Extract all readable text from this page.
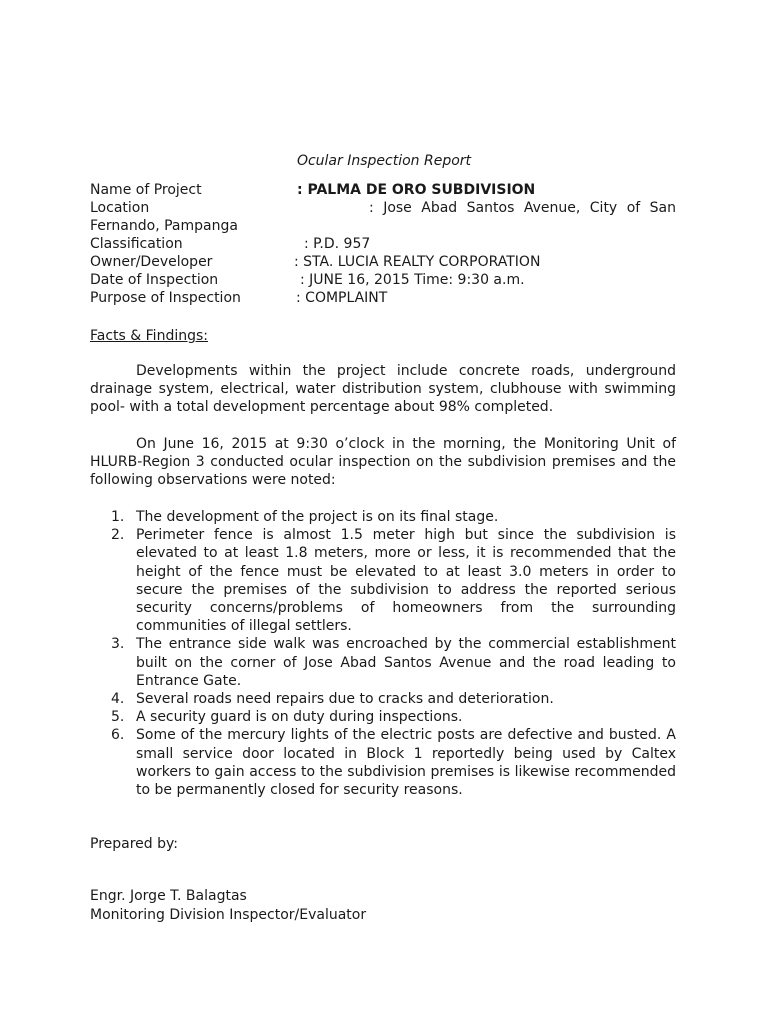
Ocular Inspection Report
Name of Project	: PALMA DE ORO SUBDIVISION
Location	: Jose Abad Santos Avenue, City of San
Fernando, Pampanga
Classification	: P.D. 957
Owner/Developer	: STA. LUCIA REALTY CORPORATION
Date of Inspection	: JUNE 16, 2015 Time: 9:30 a.m.
Purpose of Inspection	: COMPLAINT
Facts & Findings:

Developments within the project include concrete roads, underground drainage system, electrical, water distribution system, clubhouse with swimming pool- with a total development percentage about 98% completed.

On June 16, 2015 at 9:30 o’clock in the morning, the Monitoring Unit of HLURB-Region 3 conducted ocular inspection on the subdivision premises and the following observations were noted:

1. The development of the project is on its final stage.
2. Perimeter fence is almost 1.5 meter high but since the subdivision is elevated to at least 1.8 meters, more or less, it is recommended that the height of the fence must be elevated to at least 3.0 meters in order to secure the premises of the subdivision to address the reported serious security concerns/problems of homeowners from the surrounding communities of illegal settlers.
3. The entrance side walk was encroached by the commercial establishment built on the corner of Jose Abad Santos Avenue and the road leading to Entrance Gate.
4. Several roads need repairs due to cracks and deterioration.
5. A security guard is on duty during inspections.
6. Some of the mercury lights of the electric posts are defective and busted. A small service door located in Block 1 reportedly being used by Caltex workers to gain access to the subdivision premises is likewise recommended to be permanently closed for security reasons.
Prepared by:
Engr. Jorge T. Balagtas
Monitoring Division Inspector/Evaluator
